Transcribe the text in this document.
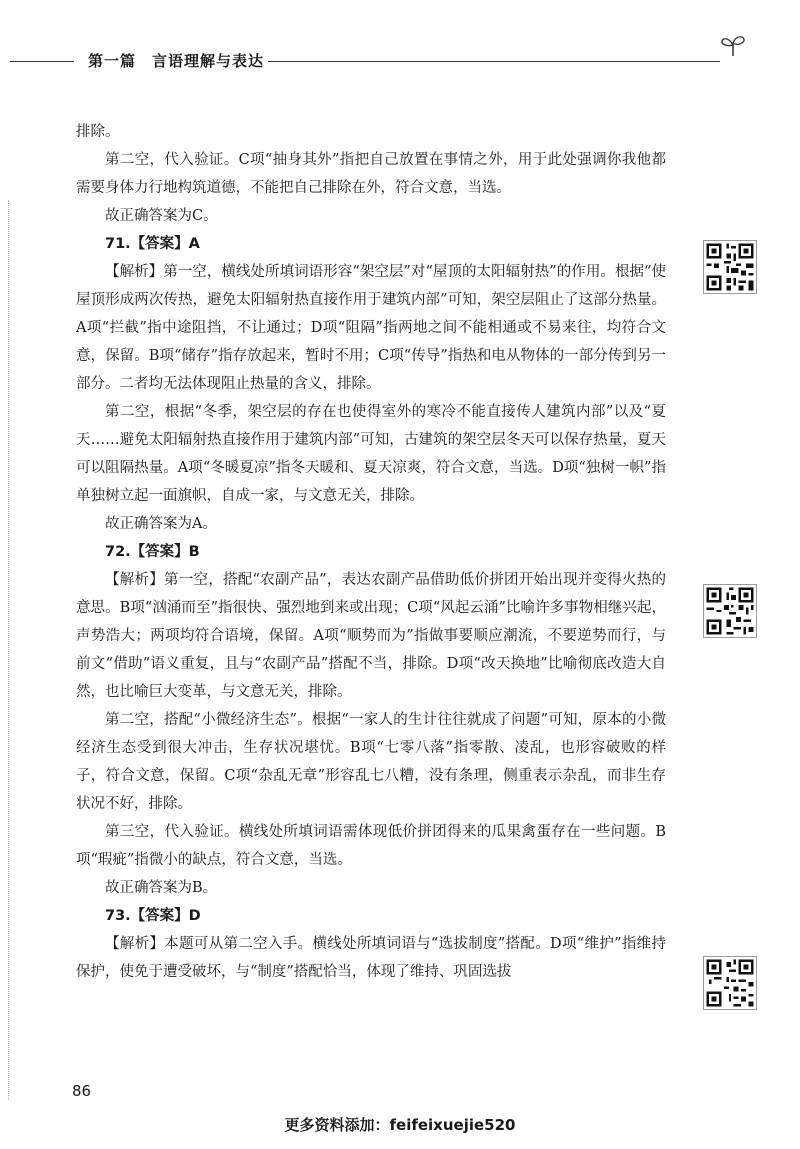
第一篇　言语理解与表达

排除。

第二空，代入验证。C项“抽身其外”指把自己放置在事情之外，用于此处强调你我他都需要身体力行地构筑道德，不能把自己排除在外，符合文意，当选。

故正确答案为C。

71.【答案】A

【解析】第一空，横线处所填词语形容“架空层”对“屋顶的太阳辐射热”的作用。根据“使屋顶形成两次传热，避免太阳辐射热直接作用于建筑内部”可知，架空层阻止了这部分热量。A项“拦截”指中途阻挡，不让通过；D项“阻隔”指两地之间不能相通或不易来往，均符合文意，保留。B项“储存”指存放起来，暂时不用；C项“传导”指热和电从物体的一部分传到另一部分。二者均无法体现阻止热量的含义，排除。

第二空，根据“冬季，架空层的存在也使得室外的寒冷不能直接传人建筑内部”以及“夏天……避免太阳辐射热直接作用于建筑内部”可知，古建筑的架空层冬天可以保存热量，夏天可以阻隔热量。A项“冬暖夏凉”指冬天暖和、夏天凉爽，符合文意，当选。D项“独树一帜”指单独树立起一面旗帜，自成一家，与文意无关，排除。

故正确答案为A。

72.【答案】B

【解析】第一空，搭配“农副产品”，表达农副产品借助低价拼团开始出现并变得火热的意思。B项“汹涌而至”指很快、强烈地到来或出现；C项“风起云涌”比喻许多事物相继兴起，声势浩大；两项均符合语境，保留。A项“顺势而为”指做事要顺应潮流，不要逆势而行，与前文“借助”语义重复，且与“农副产品”搭配不当，排除。D项“改天换地”比喻彻底改造大自然，也比喻巨大变革，与文意无关，排除。

第二空，搭配“小微经济生态”。根据“一家人的生计往往就成了问题”可知，原本的小微经济生态受到很大冲击，生存状况堪忧。B项“七零八落”指零散、凌乱，也形容破败的样子，符合文意，保留。C项“杂乱无章”形容乱七八糟，没有条理，侧重表示杂乱，而非生存状况不好，排除。

第三空，代入验证。横线处所填词语需体现低价拼团得来的瓜果禽蛋存在一些问题。B项“瑕疵”指微小的缺点，符合文意，当选。

故正确答案为B。

73.【答案】D

【解析】本题可从第二空入手。横线处所填词语与“选拔制度”搭配。D项“维护”指维持保护，使免于遭受破坏，与“制度”搭配恰当，体现了维持、巩固选拔

86
更多资料添加：feifeixuejie520
